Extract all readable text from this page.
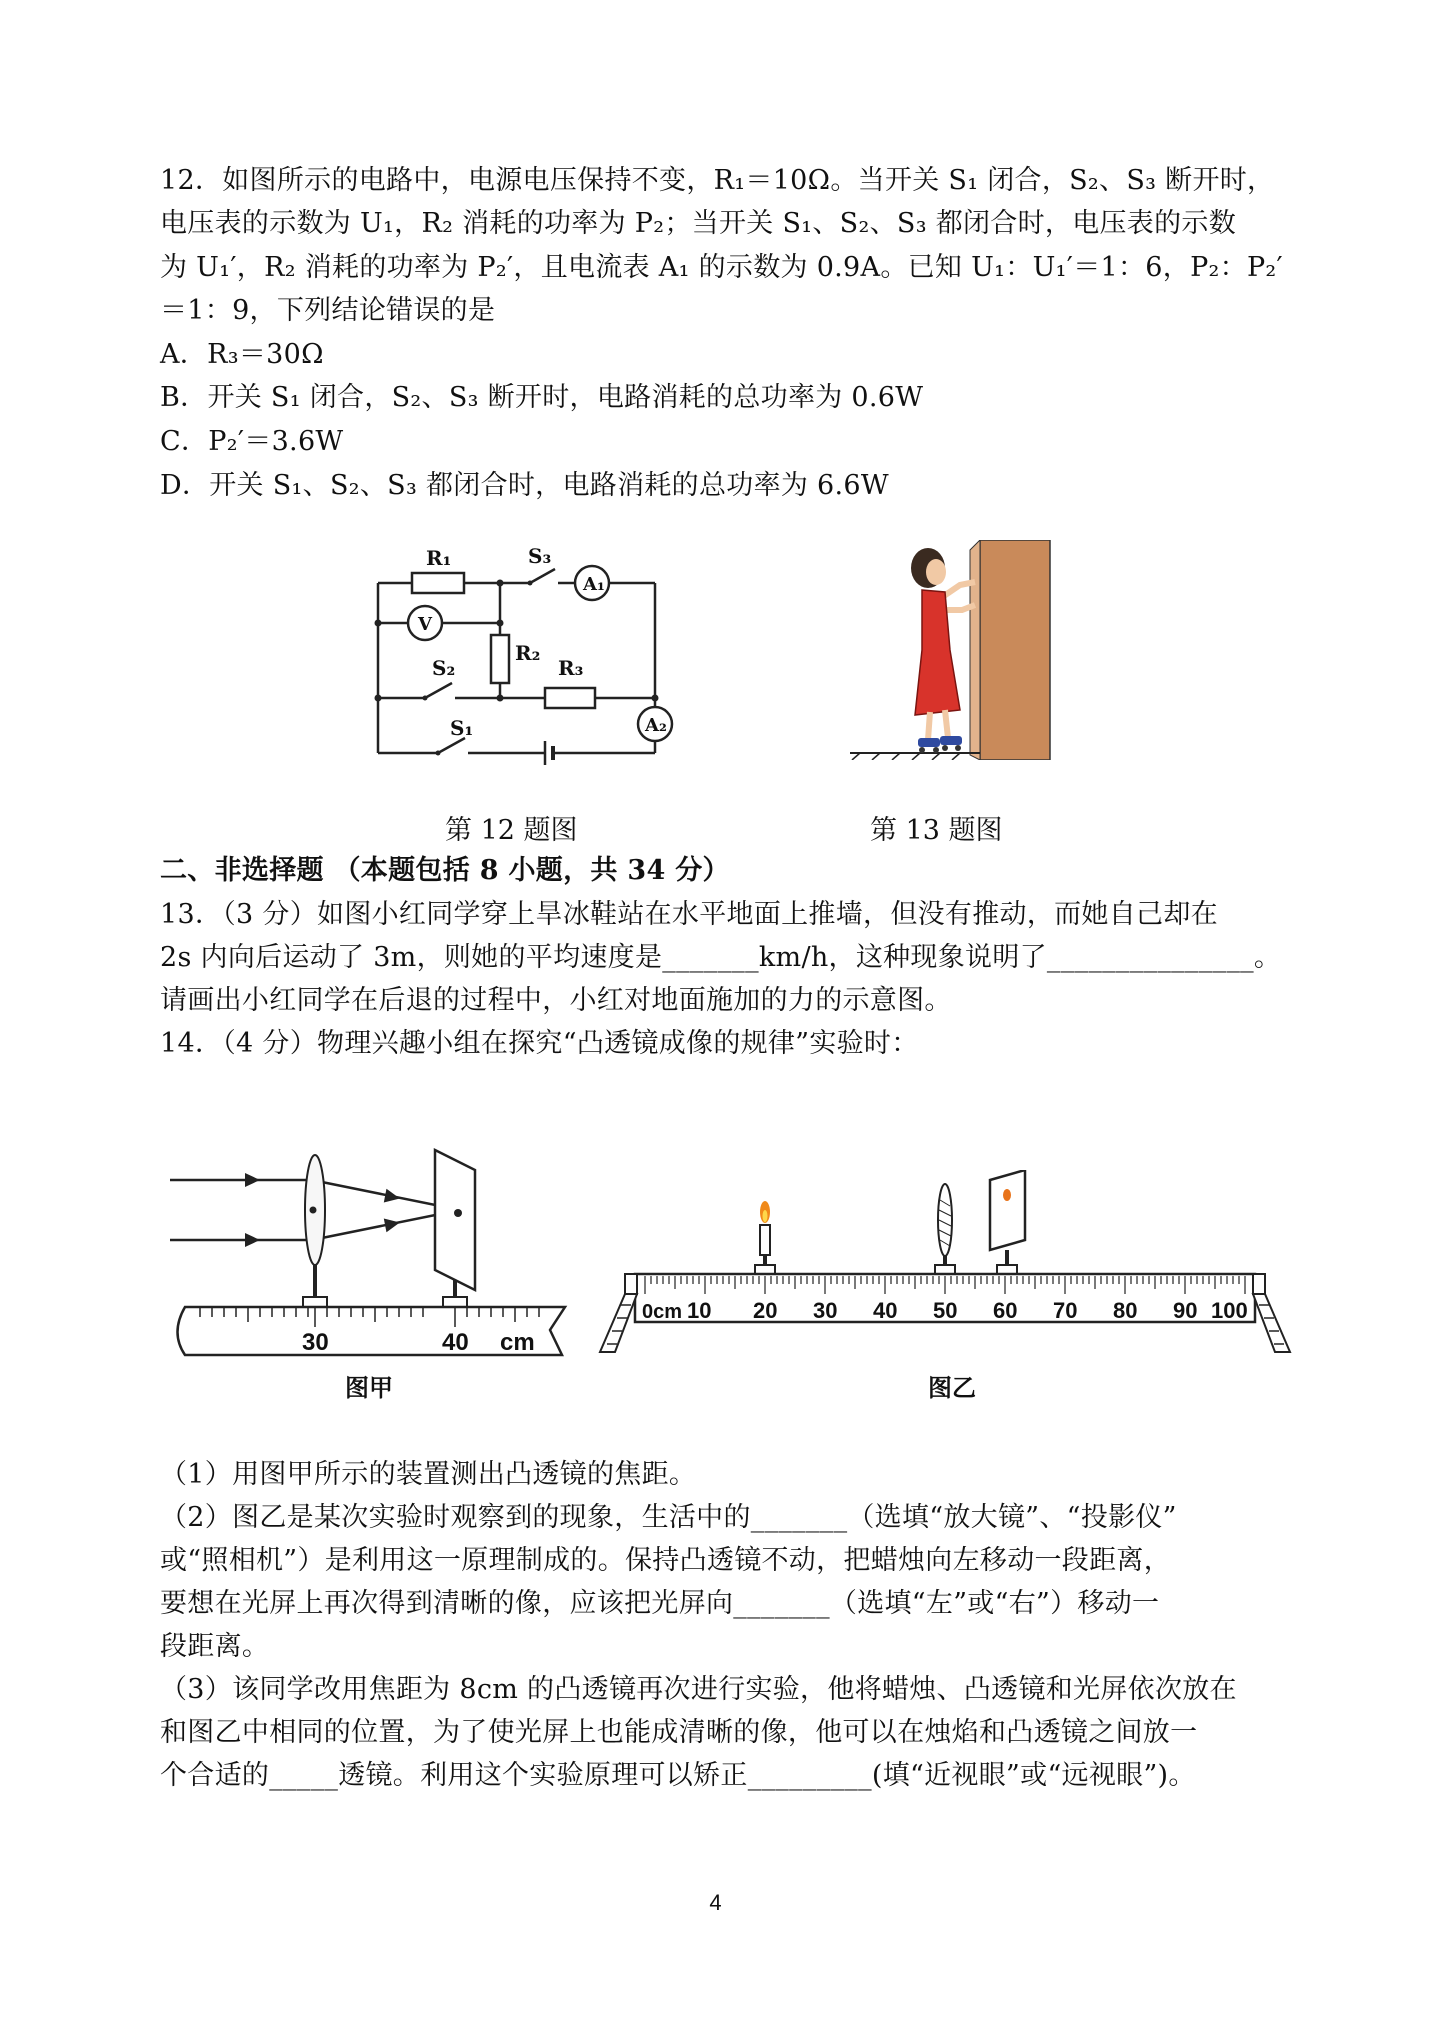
12．如图所示的电路中，电源电压保持不变，R₁＝10Ω。当开关 S₁ 闭合，S₂、S₃ 断开时，
电压表的示数为 U₁，R₂ 消耗的功率为 P₂；当开关 S₁、S₂、S₃ 都闭合时，电压表的示数
为 U₁′，R₂ 消耗的功率为 P₂′，且电流表 A₁ 的示数为 0.9A。已知 U₁：U₁′＝1：6，P₂：P₂′
＝1：9，下列结论错误的是
A．R₃＝30Ω
B．开关 S₁ 闭合，S₂、S₃ 断开时，电路消耗的总功率为 0.6W
C．P₂′＝3.6W
D．开关 S₁、S₂、S₃ 都闭合时，电路消耗的总功率为 6.6W
R₁	S₃
A₁
V
R₂
S₂	R₃
A₂
S₁
第 12 题图	第 13 题图
二、非选择题 （本题包括 8 小题，共 34 分）
13．（3 分）如图小红同学穿上旱冰鞋站在水平地面上推墙，但没有推动，而她自己却在
2s 内向后运动了 3m，则她的平均速度是_______km/h，这种现象说明了_______________。
请画出小红同学在后退的过程中，小红对地面施加的力的示意图。
14．（4 分）物理兴趣小组在探究“凸透镜成像的规律”实验时：
30	40 cm
图甲
0cm 10 20 30 40 50 60 70 80 90 100
图乙
（1）用图甲所示的装置测出凸透镜的焦距。
（2）图乙是某次实验时观察到的现象，生活中的_______（选填“放大镜”、“投影仪”
或“照相机”）是利用这一原理制成的。保持凸透镜不动，把蜡烛向左移动一段距离，
要想在光屏上再次得到清晰的像，应该把光屏向_______（选填“左”或“右”）移动一
段距离。
（3）该同学改用焦距为 8cm 的凸透镜再次进行实验，他将蜡烛、凸透镜和光屏依次放在
和图乙中相同的位置，为了使光屏上也能成清晰的像，他可以在烛焰和凸透镜之间放一
个合适的_____透镜。利用这个实验原理可以矫正_________(填“近视眼”或“远视眼”)。
4
